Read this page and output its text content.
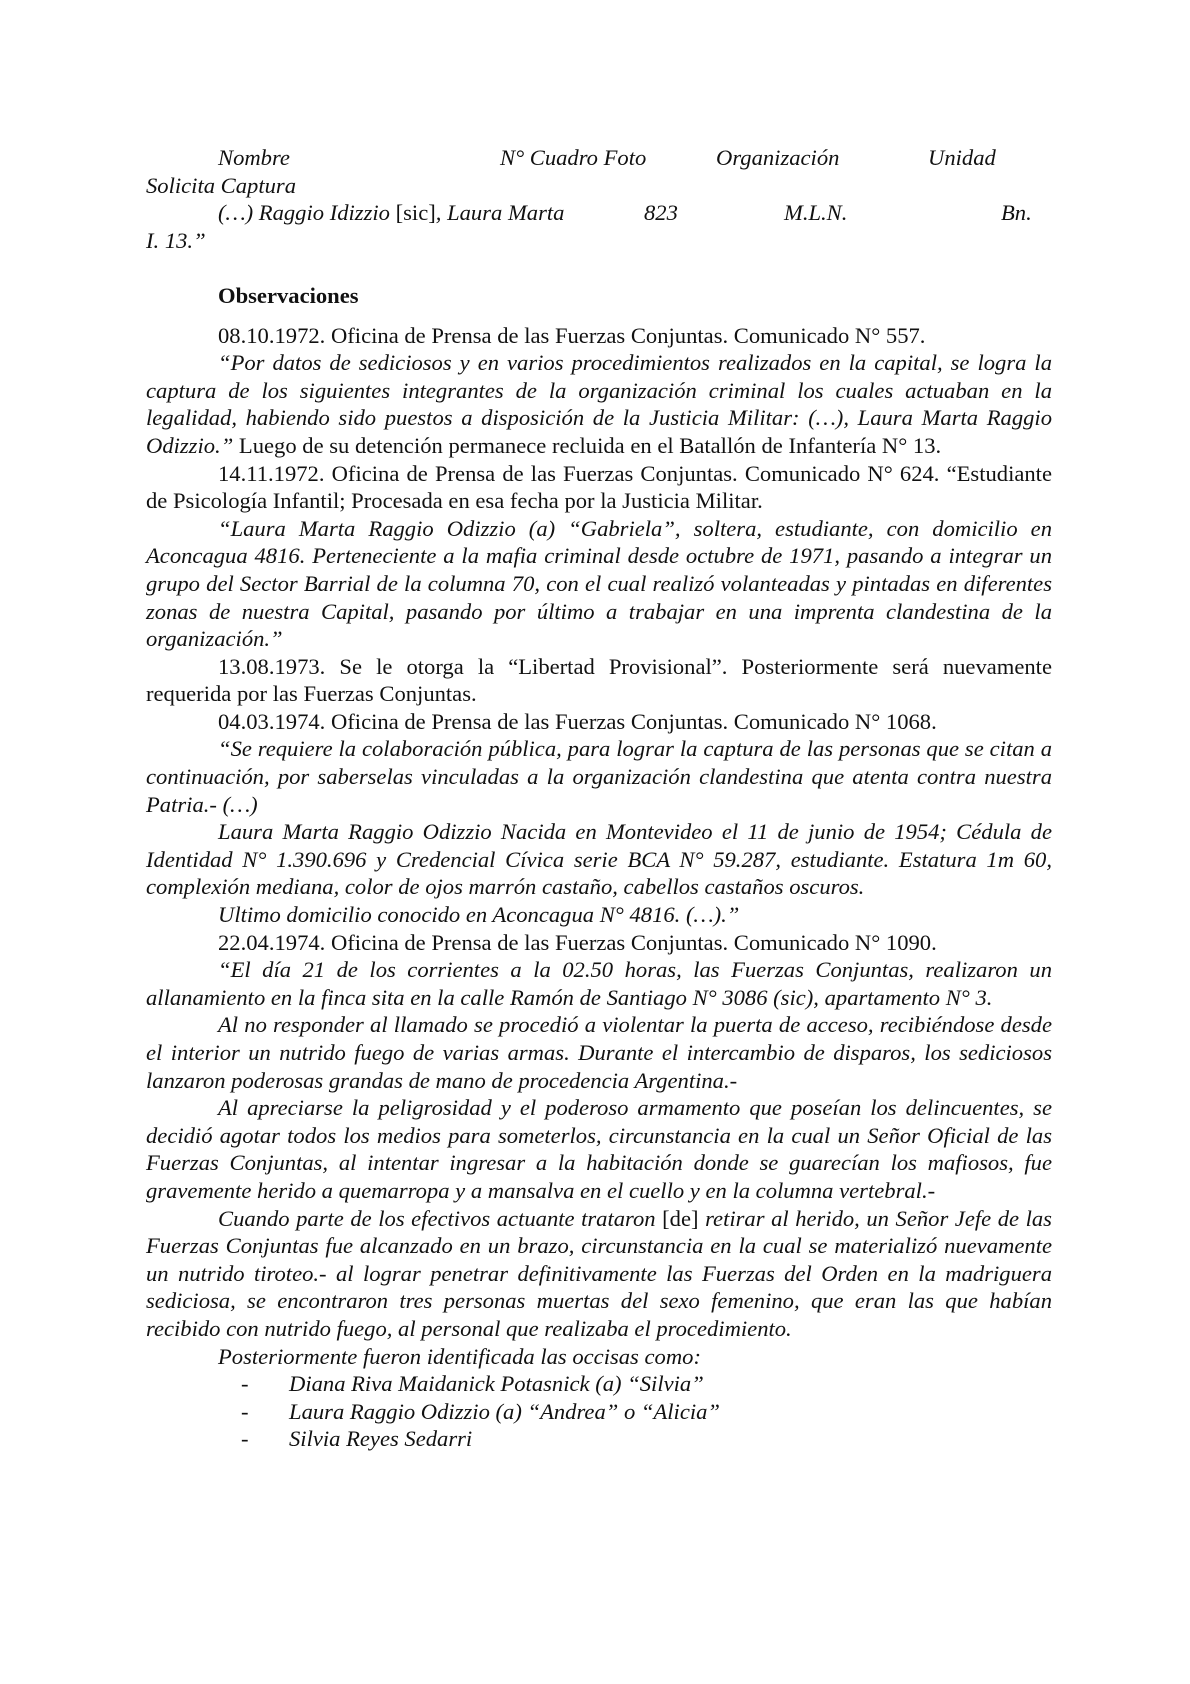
Nombre	N° Cuadro Foto	Organización	Unidad

Solicita Captura

(…) Raggio Idizzio [sic], Laura Marta	823	M.L.N.	Bn.

I. 13.”

Observaciones

08.10.1972. Oficina de Prensa de las Fuerzas Conjuntas. Comunicado N° 557.

“Por datos de sediciosos y en varios procedimientos realizados en la capital, se logra la captura de los siguientes integrantes de la organización criminal los cuales actuaban en la legalidad, habiendo sido puestos a disposición de la Justicia Militar: (…), Laura Marta Raggio Odizzio.” Luego de su detención permanece recluida en el Batallón de Infantería N° 13.

14.11.1972. Oficina de Prensa de las Fuerzas Conjuntas. Comunicado N° 624. “Estudiante de Psicología Infantil; Procesada en esa fecha por la Justicia Militar.

“Laura Marta Raggio Odizzio (a) “Gabriela”, soltera, estudiante, con domicilio en Aconcagua 4816. Perteneciente a la mafia criminal desde octubre de 1971, pasando a integrar un grupo del Sector Barrial de la columna 70, con el cual realizó volanteadas y pintadas en diferentes zonas de nuestra Capital, pasando por último a trabajar en una imprenta clandestina de la organización.”

13.08.1973. Se le otorga la “Libertad Provisional”. Posteriormente será nuevamente requerida por las Fuerzas Conjuntas.

04.03.1974. Oficina de Prensa de las Fuerzas Conjuntas. Comunicado N° 1068.

“Se requiere la colaboración pública, para lograr la captura de las personas que se citan a continuación, por saberselas vinculadas a la organización clandestina que atenta contra nuestra Patria.- (…)

Laura Marta Raggio Odizzio Nacida en Montevideo el 11 de junio de 1954; Cédula de Identidad N° 1.390.696 y Credencial Cívica serie BCA N° 59.287, estudiante. Estatura 1m 60, complexión mediana, color de ojos marrón castaño, cabellos castaños oscuros.

Ultimo domicilio conocido en Aconcagua N° 4816. (…).”

22.04.1974. Oficina de Prensa de las Fuerzas Conjuntas. Comunicado N° 1090.

“El día 21 de los corrientes a la 02.50 horas, las Fuerzas Conjuntas, realizaron un allanamiento en la finca sita en la calle Ramón de Santiago N° 3086 (sic), apartamento N° 3.

Al no responder al llamado se procedió a violentar la puerta de acceso, recibiéndose desde el interior un nutrido fuego de varias armas. Durante el intercambio de disparos, los sediciosos lanzaron poderosas grandas de mano de procedencia Argentina.-

Al apreciarse la peligrosidad y el poderoso armamento que poseían los delincuentes, se decidió agotar todos los medios para someterlos, circunstancia en la cual un Señor Oficial de las Fuerzas Conjuntas, al intentar ingresar a la habitación donde se guarecían los mafiosos, fue gravemente herido a quemarropa y a mansalva en el cuello y en la columna vertebral.-

Cuando parte de los efectivos actuante trataron [de] retirar al herido, un Señor Jefe de las Fuerzas Conjuntas fue alcanzado en un brazo, circunstancia en la cual se materializó nuevamente un nutrido tiroteo.- al lograr penetrar definitivamente las Fuerzas del Orden en la madriguera sediciosa, se encontraron tres personas muertas del sexo femenino, que eran las que habían recibido con nutrido fuego, al personal que realizaba el procedimiento.

Posteriormente fueron identificada las occisas como:

- Diana Riva Maidanick Potasnick (a) “Silvia”
- Laura Raggio Odizzio (a) “Andrea” o “Alicia”
- Silvia Reyes Sedarri
